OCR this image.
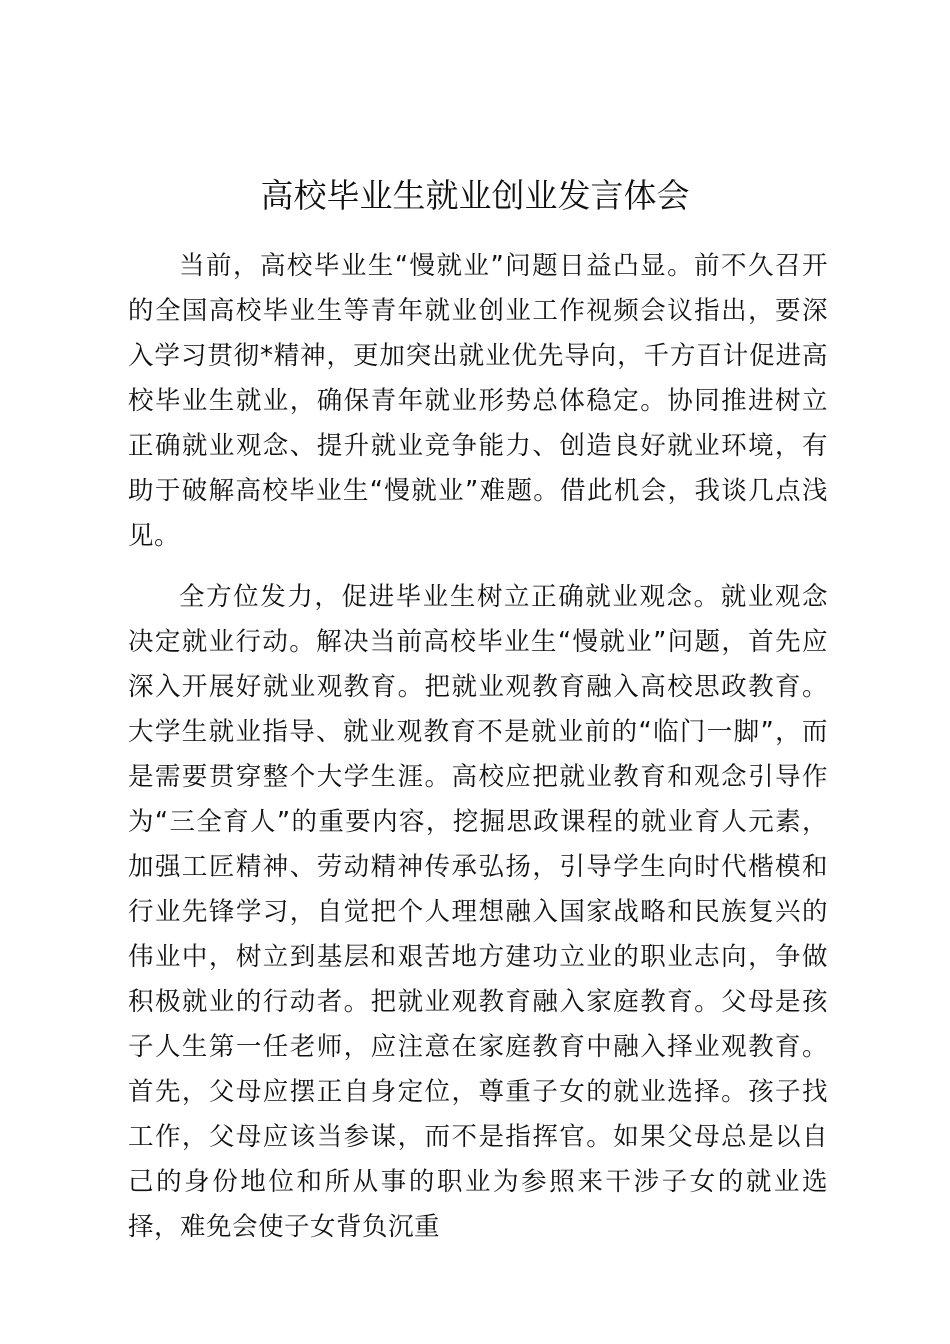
高校毕业生就业创业发言体会

当前，高校毕业生“慢就业”问题日益凸显。前不久召开的全国高校毕业生等青年就业创业工作视频会议指出，要深入学习贯彻*精神，更加突出就业优先导向，千方百计促进高校毕业生就业，确保青年就业形势总体稳定。协同推进树立正确就业观念、提升就业竞争能力、创造良好就业环境，有助于破解高校毕业生“慢就业”难题。借此机会，我谈几点浅见。

全方位发力，促进毕业生树立正确就业观念。就业观念决定就业行动。解决当前高校毕业生“慢就业”问题，首先应深入开展好就业观教育。把就业观教育融入高校思政教育。大学生就业指导、就业观教育不是就业前的“临门一脚”，而是需要贯穿整个大学生涯。高校应把就业教育和观念引导作为“三全育人”的重要内容，挖掘思政课程的就业育人元素，加强工匠精神、劳动精神传承弘扬，引导学生向时代楷模和行业先锋学习，自觉把个人理想融入国家战略和民族复兴的伟业中，树立到基层和艰苦地方建功立业的职业志向，争做积极就业的行动者。把就业观教育融入家庭教育。父母是孩子人生第一任老师，应注意在家庭教育中融入择业观教育。首先，父母应摆正自身定位，尊重子女的就业选择。孩子找工作，父母应该当参谋，而不是指挥官。如果父母总是以自己的身份地位和所从事的职业为参照来干涉子女的就业选择，难免会使子女背负沉重
